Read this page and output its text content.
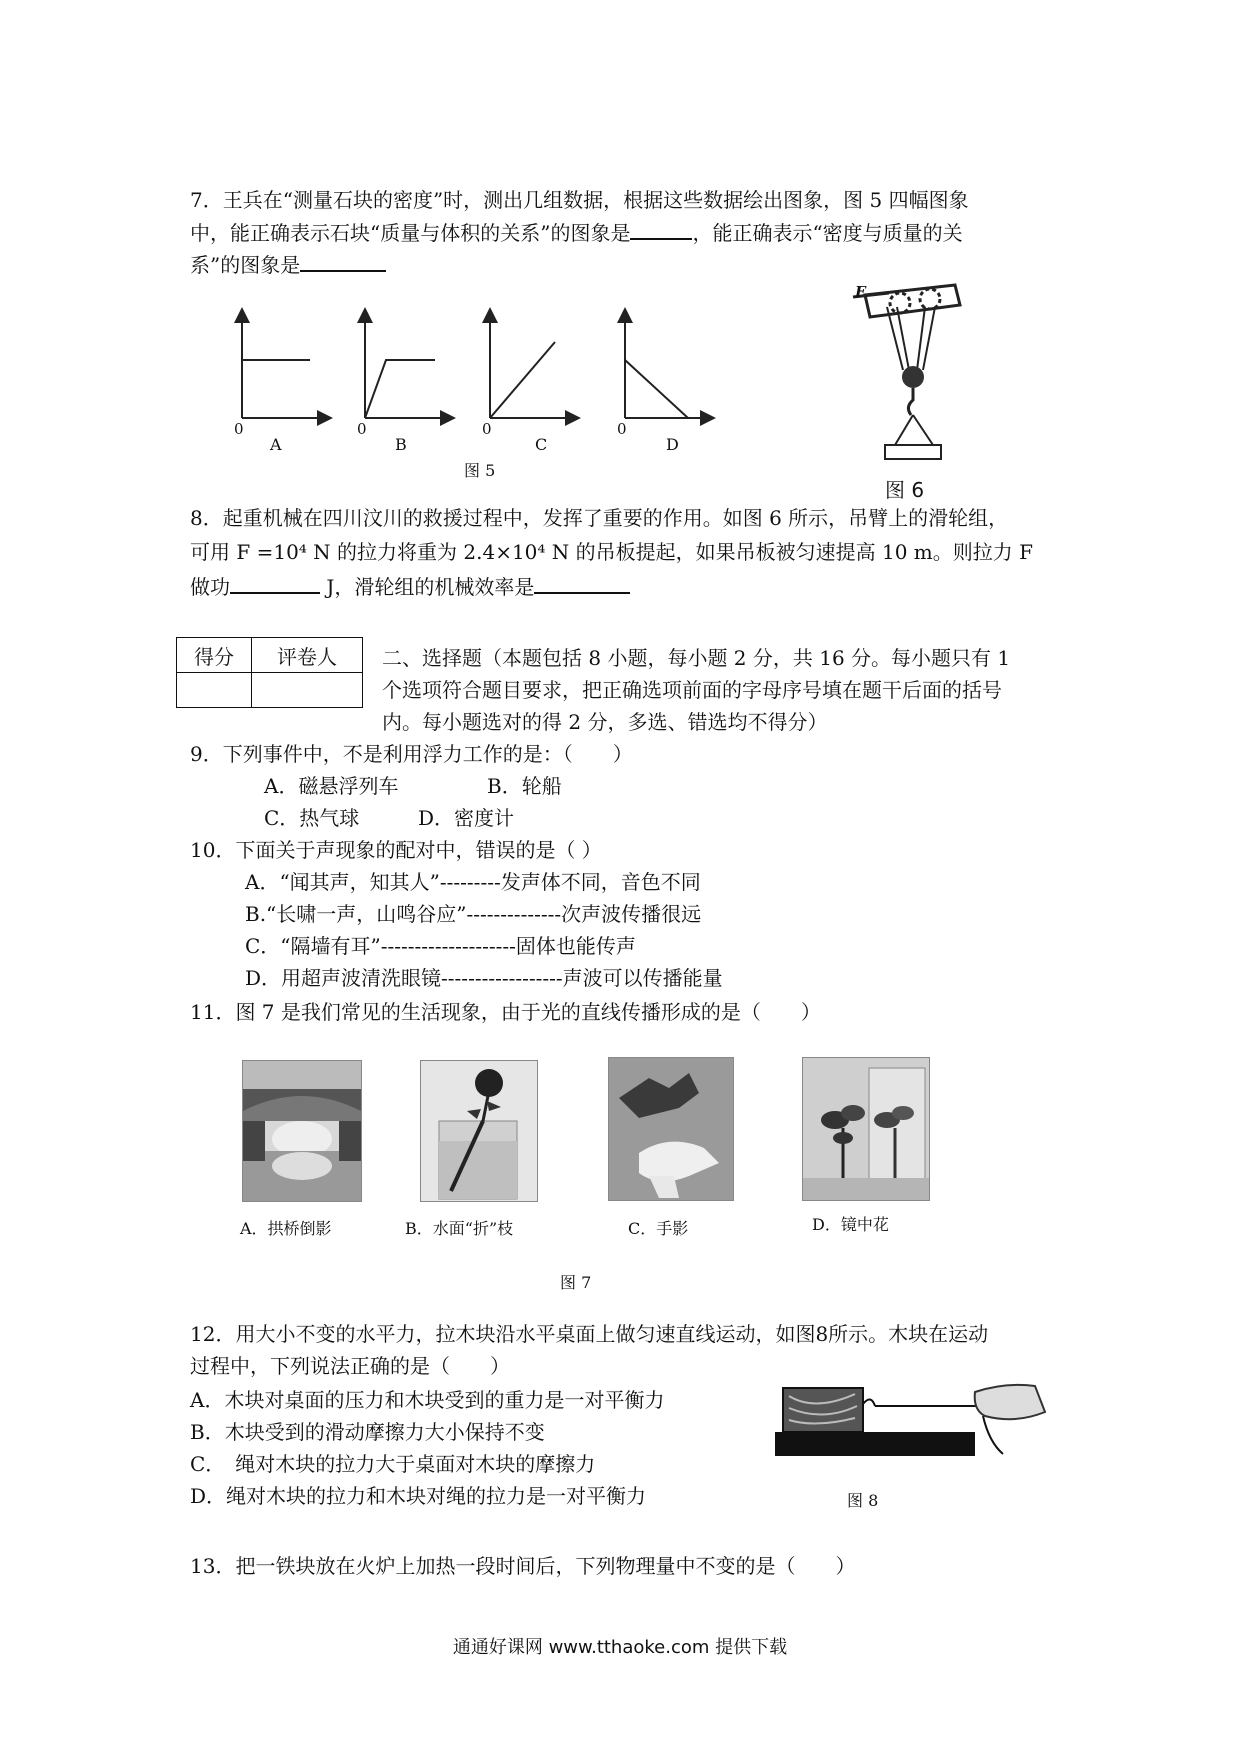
7．王兵在“测量石块的密度”时，测出几组数据，根据这些数据绘出图象，图 5 四幅图象
中，能正确表示石块“质量与体积的关系”的图象是	，能正确表示“密度与质量的关
系”的图象是
0	0	0	0
A	B	C	D
图 5
F
图 6
8．起重机械在四川汶川的救援过程中，发挥了重要的作用。如图 6 所示，吊臂上的滑轮组，
可用 F =10⁴ N 的拉力将重为 2.4×10⁴ N 的吊板提起，如果吊板被匀速提高 10 m。则拉力 F
做功	J，滑轮组的机械效率是
得分	评卷人
	二、选择题（本题包括 8 小题，每小题 2 分，共 16 分。每小题只有 1
个选项符合题目要求，把正确选项前面的字母序号填在题干后面的括号
内。每小题选对的得 2 分，多选、错选均不得分）
9．下列事件中，不是利用浮力工作的是：（　　）
A．磁悬浮列车	B．轮船
C．热气球	D．密度计
10．下面关于声现象的配对中，错误的是（ ）
A．“闻其声，知其人”---------发声体不同，音色不同
B.“长啸一声，山鸣谷应”--------------次声波传播很远
C．“隔墙有耳”--------------------固体也能传声
D．用超声波清洗眼镜------------------声波可以传播能量
11．图 7 是我们常见的生活现象，由于光的直线传播形成的是（　　）
A．拱桥倒影	B．水面“折”枝	C．手影	D．镜中花
图 7
12．用大小不变的水平力，拉木块沿水平桌面上做匀速直线运动，如图8所示。木块在运动
过程中，下列说法正确的是（　　）
A．木块对桌面的压力和木块受到的重力是一对平衡力
B．木块受到的滑动摩擦力大小保持不变
C．　绳对木块的拉力大于桌面对木块的摩擦力
D．绳对木块的拉力和木块对绳的拉力是一对平衡力	图 8
13．把一铁块放在火炉上加热一段时间后，下列物理量中不变的是（　　）
通通好课网 www.tthaoke.com 提供下载
